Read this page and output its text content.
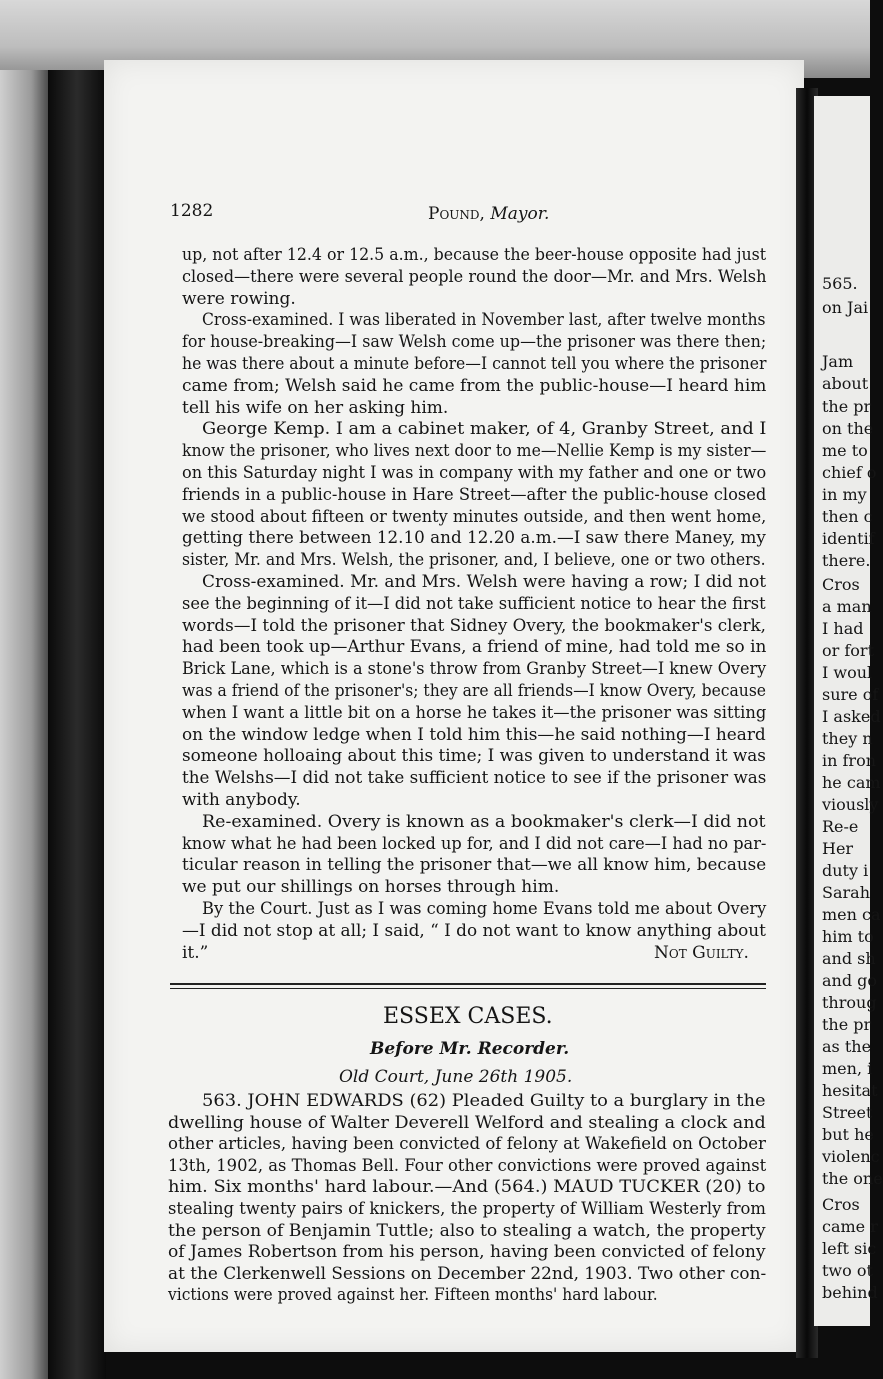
565.
on Jai
Jam
about
the pr
on the
me to
chief o
in my
then c
identif
there.
Cros
a man
I had
or fort
I woul
sure of
I asked
they n
in fron
he cam
viously
Re-e
Her
duty i
Sarah
men ca
him to
and sh
and go
throug
the pr
as the
men, i
hesitat
Street
but he
violenc
the one
Cros
came r
left sic
two ot
behind
1282	Pound, Mayor.
up, not after 12.4 or 12.5 a.m., because the beer-house opposite had just
closed—there were several people round the door—Mr. and Mrs. Welsh
were rowing.
Cross-examined. I was liberated in November last, after twelve months
for house-breaking—I saw Welsh come up—the prisoner was there then;
he was there about a minute before—I cannot tell you where the prisoner
came from; Welsh said he came from the public-house—I heard him
tell his wife on her asking him.
George Kemp. I am a cabinet maker, of 4, Granby Street, and I
know the prisoner, who lives next door to me—Nellie Kemp is my sister—
on this Saturday night I was in company with my father and one or two
friends in a public-house in Hare Street—after the public-house closed
we stood about fifteen or twenty minutes outside, and then went home,
getting there between 12.10 and 12.20 a.m.—I saw there Maney, my
sister, Mr. and Mrs. Welsh, the prisoner, and, I believe, one or two others.
Cross-examined. Mr. and Mrs. Welsh were having a row; I did not
see the beginning of it—I did not take sufficient notice to hear the first
words—I told the prisoner that Sidney Overy, the bookmaker's clerk,
had been took up—Arthur Evans, a friend of mine, had told me so in
Brick Lane, which is a stone's throw from Granby Street—I knew Overy
was a friend of the prisoner's; they are all friends—I know Overy, because
when I want a little bit on a horse he takes it—the prisoner was sitting
on the window ledge when I told him this—he said nothing—I heard
someone holloaing about this time; I was given to understand it was
the Welshs—I did not take sufficient notice to see if the prisoner was
with anybody.
Re-examined. Overy is known as a bookmaker's clerk—I did not
know what he had been locked up for, and I did not care—I had no par-
ticular reason in telling the prisoner that—we all know him, because
we put our shillings on horses through him.
By the Court. Just as I was coming home Evans told me about Overy
—I did not stop at all; I said, “ I do not want to know anything about
it.”
563. JOHN EDWARDS (62) Pleaded Guilty to a burglary in the
dwelling house of Walter Deverell Welford and stealing a clock and
other articles, having been convicted of felony at Wakefield on October
13th, 1902, as Thomas Bell. Four other convictions were proved against
him. Six months' hard labour.—And (564.) MAUD TUCKER (20) to
stealing twenty pairs of knickers, the property of William Westerly from
the person of Benjamin Tuttle; also to stealing a watch, the property
of James Robertson from his person, having been convicted of felony
at the Clerkenwell Sessions on December 22nd, 1903. Two other con-
victions were proved against her. Fifteen months' hard labour.
Not Guilty.
ESSEX CASES.
Before Mr. Recorder.
Old Court, June 26th 1905.
